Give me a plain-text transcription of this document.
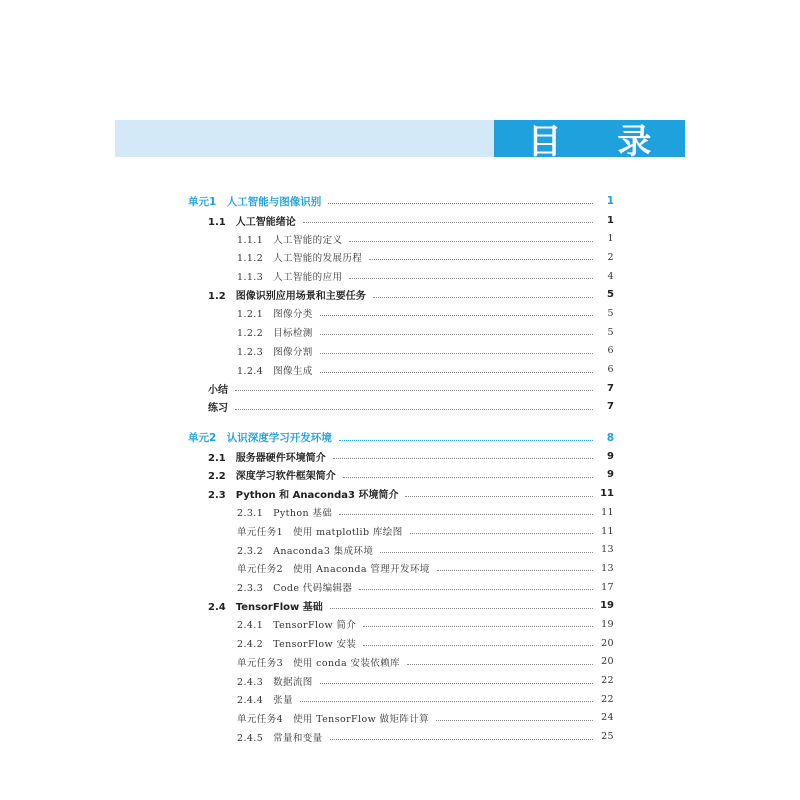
目 录
单元1　人工智能与图像识别	1
1.1　人工智能绪论	1
1.1.1　人工智能的定义	1
1.1.2　人工智能的发展历程	2
1.1.3　人工智能的应用	4
1.2　图像识别应用场景和主要任务	5
1.2.1　图像分类	5
1.2.2　目标检测	5
1.2.3　图像分割	6
1.2.4　图像生成	6
小结	7
练习	7
单元2　认识深度学习开发环境	8
2.1　服务器硬件环境简介	9
2.2　深度学习软件框架简介	9
2.3　Python 和 Anaconda3 环境简介	11
2.3.1　Python 基础	11
单元任务1　使用 matplotlib 库绘图	11
2.3.2　Anaconda3 集成环境	13
单元任务2　使用 Anaconda 管理开发环境	13
2.3.3　Code 代码编辑器	17
2.4　TensorFlow 基础	19
2.4.1　TensorFlow 简介	19
2.4.2　TensorFlow 安装	20
单元任务3　使用 conda 安装依赖库	20
2.4.3　数据流图	22
2.4.4　张量	22
单元任务4　使用 TensorFlow 做矩阵计算	24
2.4.5　常量和变量	25
